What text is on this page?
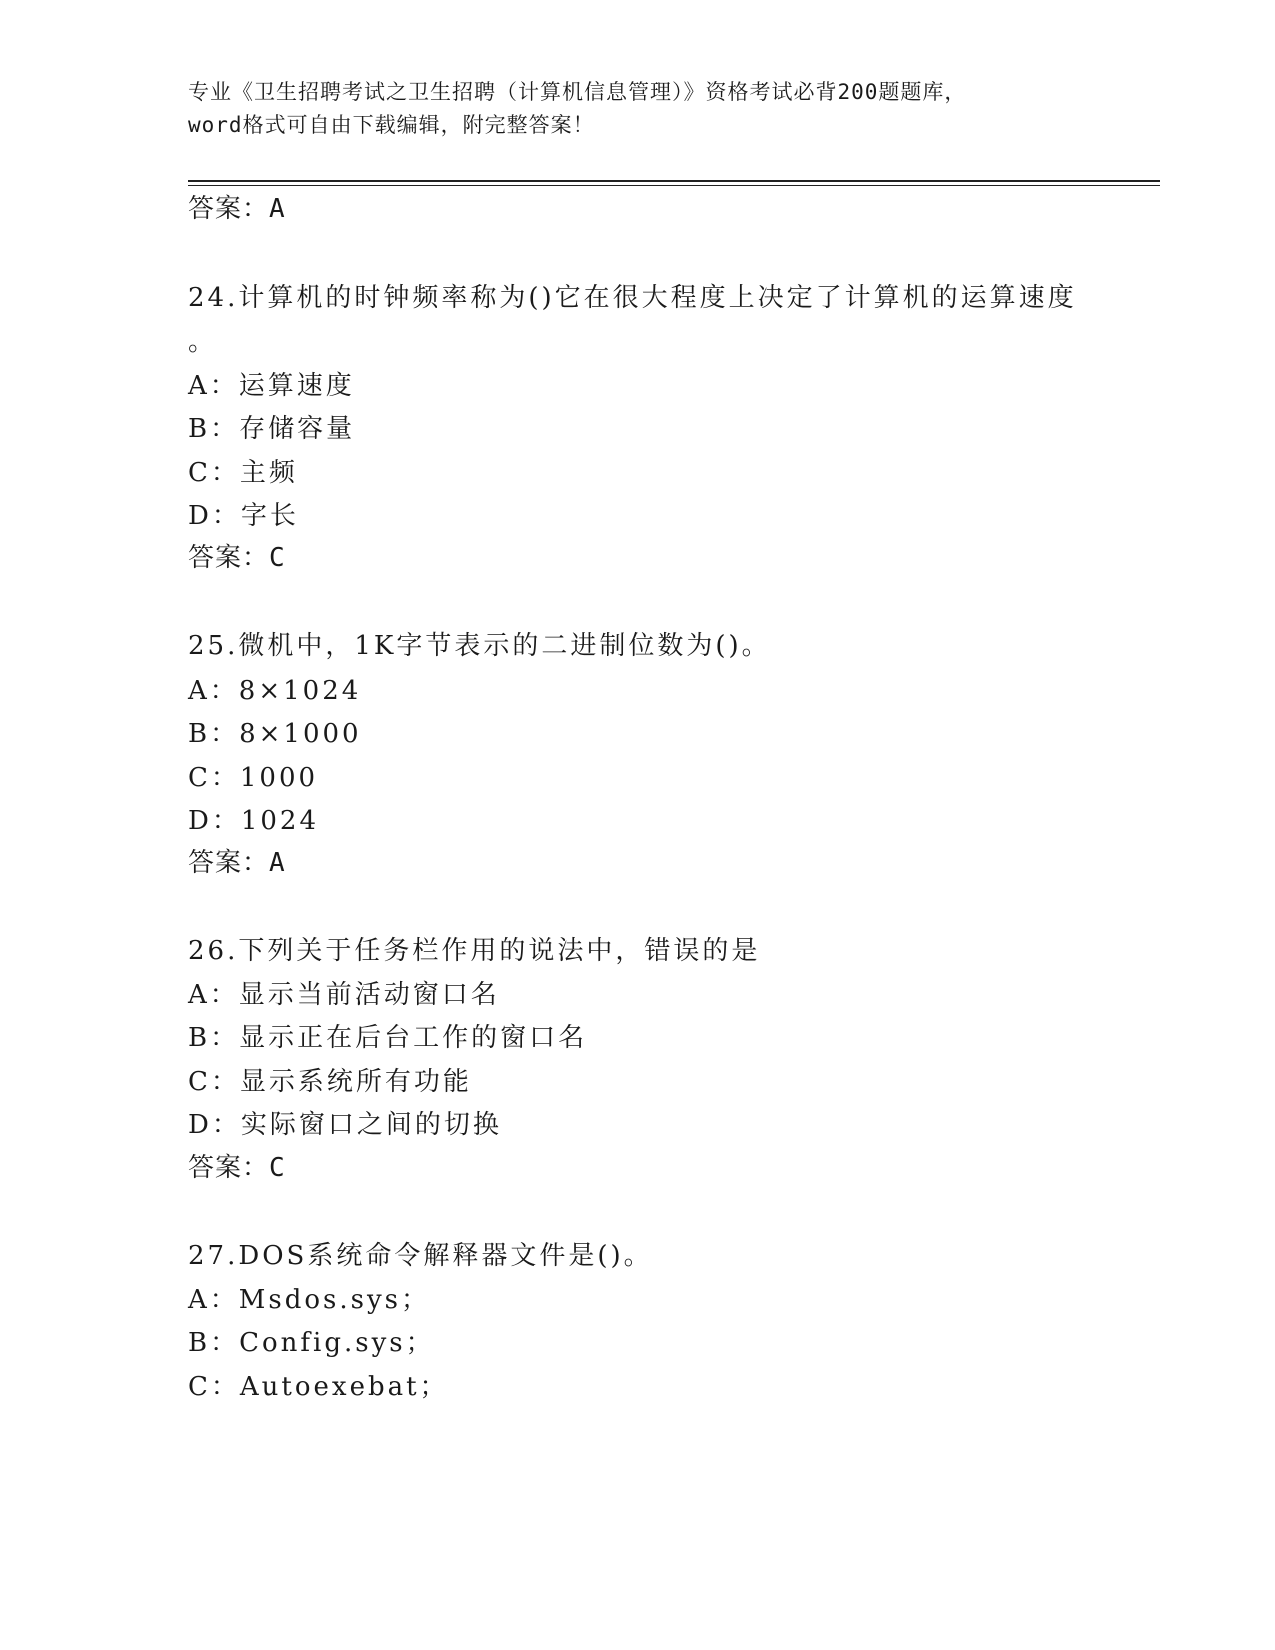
专业《卫生招聘考试之卫生招聘（计算机信息管理）》资格考试必背200题题库，
word格式可自由下载编辑，附完整答案！
答案：A
24.计算机的时钟频率称为()它在很大程度上决定了计算机的运算速度
。
A：运算速度
B：存储容量
C：主频
D：字长
答案：C
25.微机中，1K字节表示的二进制位数为()。
A：8×1024
B：8×1000
C：1000
D：1024
答案：A
26.下列关于任务栏作用的说法中，错误的是
A：显示当前活动窗口名
B：显示正在后台工作的窗口名
C：显示系统所有功能
D：实际窗口之间的切换
答案：C
27.DOS系统命令解释器文件是()。
A：Msdos.sys；
B：Config.sys；
C：Autoexebat；
